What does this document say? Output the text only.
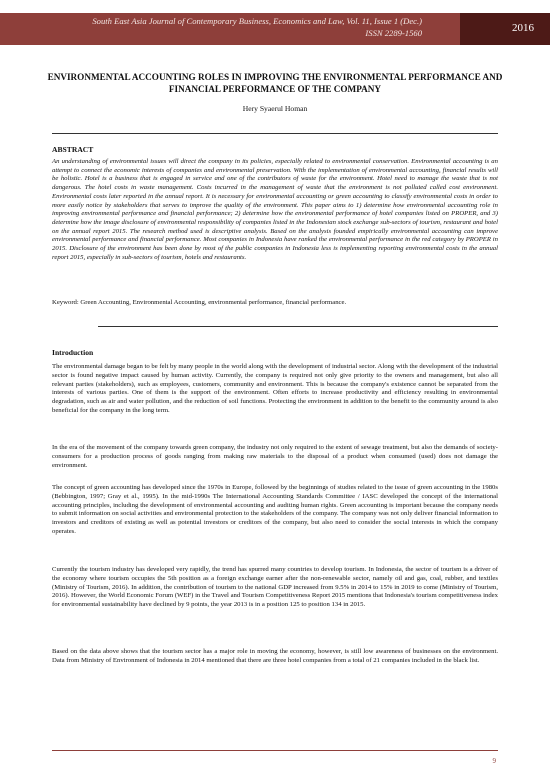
South East Asia Journal of Contemporary Business, Economics and Law, Vol. 11, Issue 1 (Dec.)
ISSN 2289-1560	2016
ENVIRONMENTAL ACCOUNTING ROLES IN IMPROVING THE ENVIRONMENTAL PERFORMANCE AND FINANCIAL PERFORMANCE OF THE COMPANY
Hery Syaerul Homan
ABSTRACT

An understanding of environmental issues will direct the company in its policies, especially related to environmental conservation. Environmental accounting is an attempt to connect the economic interests of companies and environmental preservation. With the implementation of environmental accounting, financial results will be holistic. Hotel is a business that is engaged in service and one of the contributors of waste for the environment. Hotel need to manage the waste that is not dangerous. The hotel costs in waste management. Costs incurred in the management of waste that the environment is not polluted called cost environment. Environmental costs later reported in the annual report. It is necessary for environmental accounting or green accounting to classify environmental costs in order to more easily notice by stakeholders that serves to improve the quality of the environment. This paper aims to 1) determine how environmental accounting role in improving environmental performance and financial performance; 2) determine how the environmental performance of hotel companies listed on PROPER, and 3) determine how the image disclosure of environmental responsibility of companies listed in the Indonesian stock exchange sub-sectors of tourism, restaurant and hotel on the annual report 2015. The research method used is descriptive analysis. Based on the analysis founded empirically environmental accounting can improve environmental performance and financial performance. Most companies in Indonesia have ranked the environmental performance in the red category by PROPER in 2015. Disclosure of the environment has been done by most of the public companies in Indonesia less is implementing reporting environmental costs in the annual report 2015, especially in sub-sectors of tourism, hotels and restaurants.

Keyword: Green Accounting, Environmental Accounting, environmental performance, financial performance.
Introduction

The environmental damage began to be felt by many people in the world along with the development of industrial sector. Along with the development of the industrial sector is found negative impact caused by human activity. Currently, the company is required not only give priority to the owners and management, but also all relevant parties (stakeholders), such as employees, customers, community and environment. This is because the company's existence cannot be separated from the interests of various parties. One of them is the support of the environment. Often efforts to increase productivity and efficiency resulting in environmental degradation, such as air and water pollution, and the reduction of soil functions. Protecting the environment in addition to the benefit to the community around is also beneficial for the company in the long term.

In the era of the movement of the company towards green company, the industry not only required to the extent of sewage treatment, but also the demands of society-consumers for a production process of goods ranging from making raw materials to the disposal of a product when consumed (used) does not damage the environment.

The concept of green accounting has developed since the 1970s in Europe, followed by the beginnings of studies related to the issue of green accounting in the 1980s (Bebbington, 1997; Gray et al., 1995). In the mid-1990s The International Accounting Standards Committee / IASC developed the concept of the international accounting principles, including the development of environmental accounting and auditing human rights. Green accounting is important because the company needs to submit information on social activities and environmental protection to the stakeholders of the company. The company was not only deliver financial information to investors and creditors of existing as well as potential investors or creditors of the company, but also need to consider the social interests in which the company operates.

Currently the tourism industry has developed very rapidly, the trend has spurred many countries to develop tourism. In Indonesia, the sector of tourism is a driver of the economy where tourism occupies the 5th position as a foreign exchange earner after the non-renewable sector, namely oil and gas, coal, rubber, and textiles (Ministry of Tourism, 2016). In addition, the contribution of tourism to the national GDP increased from 9.5% in 2014 to 15% in 2019 to come (Ministry of Tourism, 2016). However, the World Economic Forum (WEF) in the Travel and Tourism Competitiveness Report 2015 mentions that Indonesia's tourism competitiveness index for environmental sustainability have declined by 9 points, the year 2013 is in a position 125 to position 134 in 2015.

Based on the data above shows that the tourism sector has a major role in moving the economy, however, is still low awareness of businesses on the environment. Data from Ministry of Environment of Indonesia in 2014 mentioned that there are three hotel companies from a total of 21 companies included in the black list.

9
